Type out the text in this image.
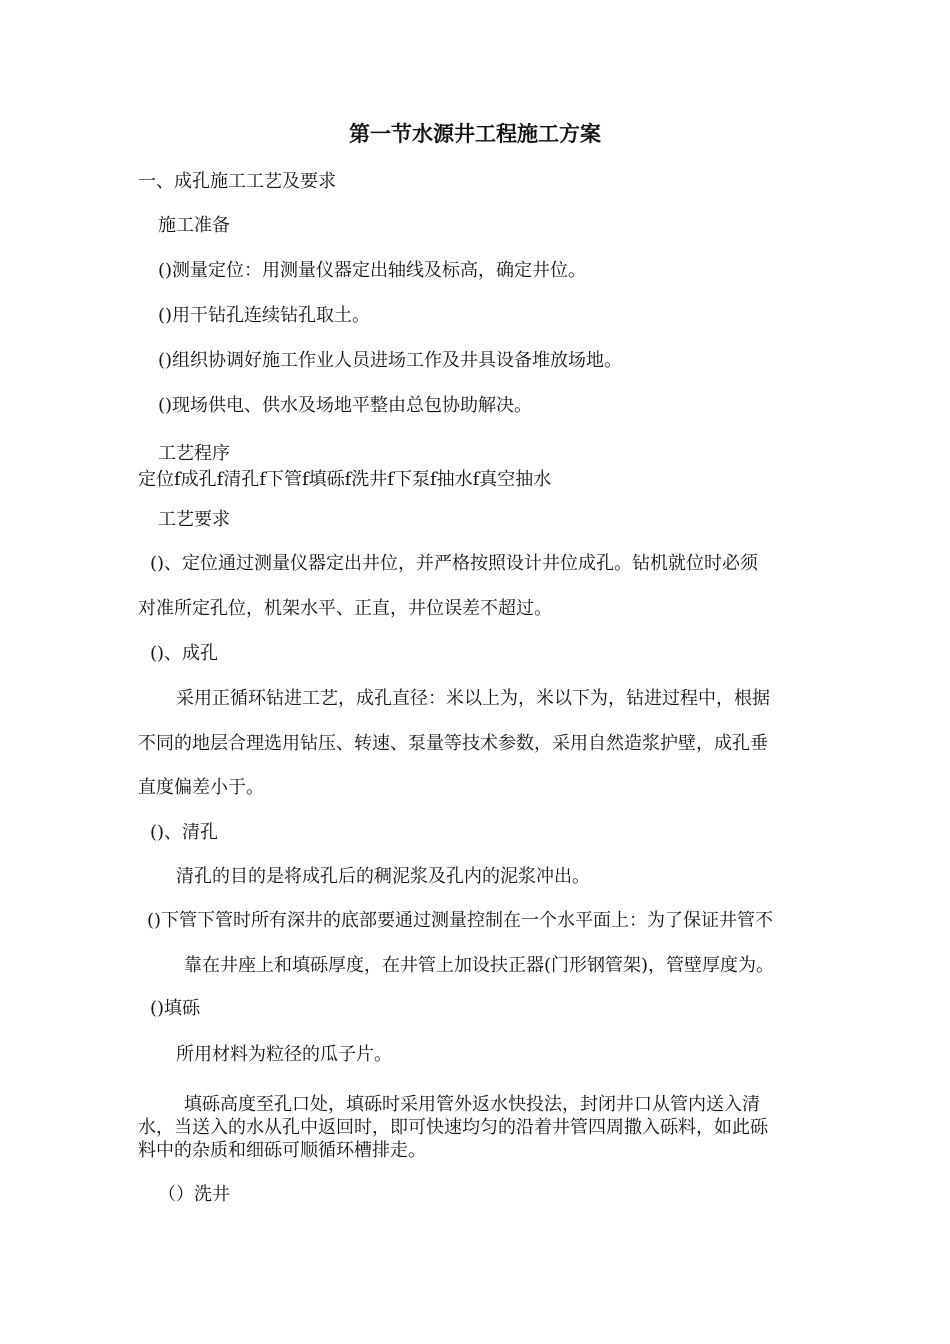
第一节水源井工程施工方案

一、成孔施工工艺及要求

施工准备

()测量定位：用测量仪器定出轴线及标高，确定井位。

()用干钻孔连续钻孔取土。

()组织协调好施工作业人员进场工作及井具设备堆放场地。

()现场供电、供水及场地平整由总包协助解决。

工艺程序

定位f成孔f清孔f下管f填砾f洗井f下泵f抽水f真空抽水

工艺要求

()、定位通过测量仪器定出井位，并严格按照设计井位成孔。钻机就位时必须

对准所定孔位，机架水平、正直，井位误差不超过。

()、成孔

采用正循环钻进工艺，成孔直径：米以上为，米以下为，钻进过程中，根据

不同的地层合理选用钻压、转速、泵量等技术参数，采用自然造浆护壁，成孔垂

直度偏差小于。

()、清孔

清孔的目的是将成孔后的稠泥浆及孔内的泥浆冲出。

()下管下管时所有深井的底部要通过测量控制在一个水平面上：为了保证井管不

靠在井座上和填砾厚度，在井管上加设扶正器(门形钢管架)，管壁厚度为。

()填砾

所用材料为粒径的瓜子片。

填砾高度至孔口处，填砾时采用管外返水快投法，封闭井口从管内送入清

水，当送入的水从孔中返回时，即可快速均匀的沿着井管四周撒入砾料，如此砾

料中的杂质和细砾可顺循环槽排走。

（）洗井
